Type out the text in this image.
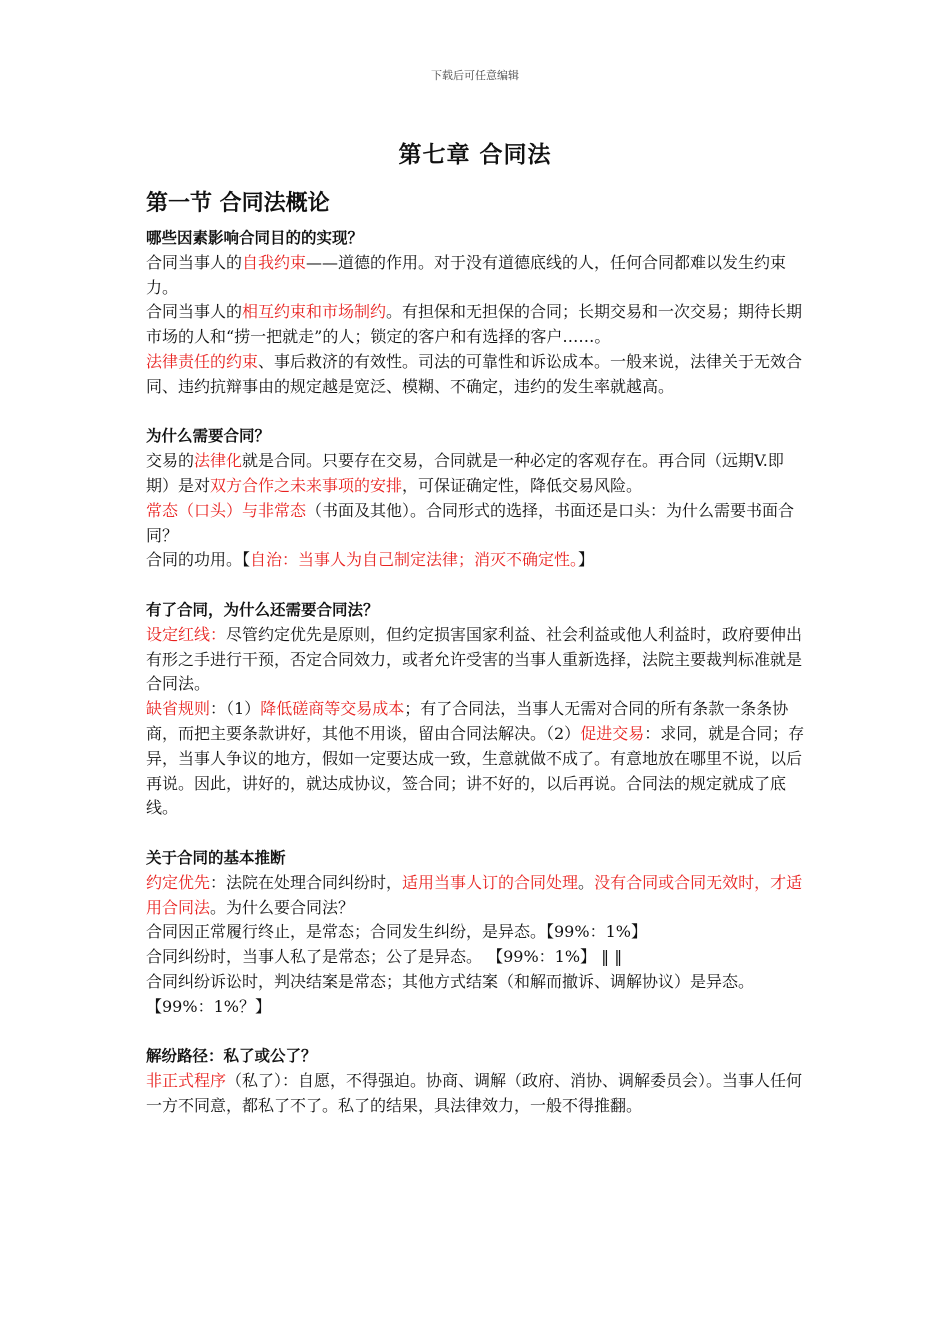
下载后可任意编辑
第七章 合同法
第一节 合同法概论

哪些因素影响合同目的的实现？

合同当事人的自我约束——道德的作用。对于没有道德底线的人，任何合同都难以发生约束力。

合同当事人的相互约束和市场制约。有担保和无担保的合同；长期交易和一次交易；期待长期市场的人和“捞一把就走”的人；锁定的客户和有选择的客户……。

法律责任的约束、事后救济的有效性。司法的可靠性和诉讼成本。一般来说，法律关于无效合同、违约抗辩事由的规定越是宽泛、模糊、不确定，违约的发生率就越高。

为什么需要合同？

交易的法律化就是合同。只要存在交易，合同就是一种必定的客观存在。再合同（远期V.即期）是对双方合作之未来事项的安排，可保证确定性，降低交易风险。

常态（口头）与非常态（书面及其他）。合同形式的选择，书面还是口头：为什么需要书面合同？

合同的功用。【自治：当事人为自己制定法律；消灭不确定性。】

有了合同，为什么还需要合同法？

设定红线：尽管约定优先是原则，但约定损害国家利益、社会利益或他人利益时，政府要伸出有形之手进行干预，否定合同效力，或者允许受害的当事人重新选择，法院主要裁判标准就是合同法。

缺省规则：（1）降低磋商等交易成本；有了合同法，当事人无需对合同的所有条款一条条协商，而把主要条款讲好，其他不用谈，留由合同法解决。（2）促进交易：求同，就是合同；存异，当事人争议的地方，假如一定要达成一致，生意就做不成了。有意地放在哪里不说，以后再说。因此，讲好的，就达成协议，签合同；讲不好的，以后再说。合同法的规定就成了底线。

关于合同的基本推断

约定优先：法院在处理合同纠纷时，适用当事人订的合同处理。没有合同或合同无效时，才适用合同法。为什么要合同法？

合同因正常履行终止，是常态；合同发生纠纷，是异态。【99%：1%】

合同纠纷时，当事人私了是常态；公了是异态。 【99%：1%】 ‖ ‖

合同纠纷诉讼时，判决结案是常态；其他方式结案（和解而撤诉、调解协议）是异态。 【99%：1%？】

解纷路径：私了或公了？

非正式程序（私了）：自愿，不得强迫。协商、调解（政府、消协、调解委员会）。当事人任何一方不同意，都私了不了。私了的结果，具法律效力，一般不得推翻。
